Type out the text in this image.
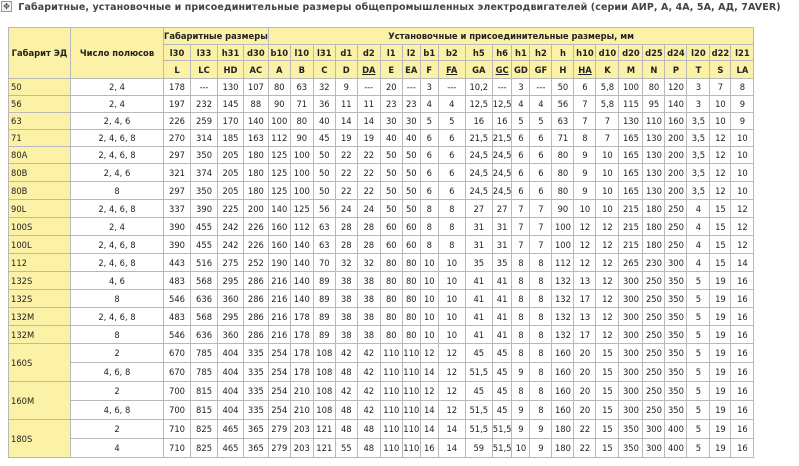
✥ Габаритные, установочные и присоединительные размеры общепромышленных электродвигателей (серии АИР, А, 4А, 5А, АД, 7AVER)
Габарит ЭД	Число полюсов	Габаритные размеры				Установочные и присоединительные размеры, мм																					
		l30	l33	h31	d30	b10	l10	l31	d1	d2	l1	l2	b1	b2	h5	h6	h1	h2	h	h10	d10	d20	d25	d24	l20	d22	l21
		L	LC	HD	AC	A	B	C	D	DA	E	EA	F	FA	GA	GC	GD	GF	H	HA	K	M	N	P	T	S	LA
50	2, 4	178	---	130	107	80	63	32	9	---	20	---	3	---	10,2	---	3	---	50	6	5,8	100	80	120	3	7	8
56	2, 4	197	232	145	88	90	71	36	11	11	23	23	4	4	12,5	12,5	4	4	56	7	5,8	115	95	140	3	10	9
63	2, 4, 6	226	259	170	140	100	80	40	14	14	30	30	5	5	16	16	5	5	63	7	7	130	110	160	3,5	10	9
71	2, 4, 6, 8	270	314	185	163	112	90	45	19	19	40	40	6	6	21,5	21,5	6	6	71	8	7	165	130	200	3,5	12	10
80A	2, 4, 6, 8	297	350	205	180	125	100	50	22	22	50	50	6	6	24,5	24,5	6	6	80	9	10	165	130	200	3,5	12	10
80B	2, 4, 6	321	374	205	180	125	100	50	22	22	50	50	6	6	24,5	24,5	6	6	80	9	10	165	130	200	3,5	12	10
80B	8	297	350	205	180	125	100	50	22	22	50	50	6	6	24,5	24,5	6	6	80	9	10	165	130	200	3,5	12	10
90L	2, 4, 6, 8	337	390	225	200	140	125	56	24	24	50	50	8	8	27	27	7	7	90	10	10	215	180	250	4	15	12
100S	2, 4	390	455	242	226	160	112	63	28	28	60	60	8	8	31	31	7	7	100	12	12	215	180	250	4	15	12
100L	2, 4, 6, 8	390	455	242	226	160	140	63	28	28	60	60	8	8	31	31	7	7	100	12	12	215	180	250	4	15	12
112	2, 4, 6, 8	443	516	275	252	190	140	70	32	32	80	80	10	10	35	35	8	8	112	12	12	265	230	300	4	15	14
132S	4, 6	483	568	295	286	216	140	89	38	38	80	80	10	10	41	41	8	8	132	13	12	300	250	350	5	19	16
132S	8	546	636	360	286	216	140	89	38	38	80	80	10	10	41	41	8	8	132	17	12	300	250	350	5	19	16
132M	2, 4, 6, 8	483	568	295	286	216	178	89	38	38	80	80	10	10	41	41	8	8	132	13	12	300	250	350	5	19	16
132M	8	546	636	360	286	216	178	89	38	38	80	80	10	10	41	41	8	8	132	17	12	300	250	350	5	19	16
160S	2	670	785	404	335	254	178	108	42	42	110	110	12	12	45	45	8	8	160	20	15	300	250	350	5	19	16
	4, 6, 8	670	785	404	335	254	178	108	48	42	110	110	14	12	51,5	45	9	8	160	20	15	300	250	350	5	19	16
160M	2	700	815	404	335	254	210	108	42	42	110	110	12	12	45	45	8	8	160	20	15	300	250	350	5	19	16
	4, 6, 8	700	815	404	335	254	210	108	48	42	110	110	14	12	51,5	45	9	8	160	20	15	300	250	350	5	19	16
180S	2	710	825	465	365	279	203	121	48	48	110	110	14	14	51,5	51,5	9	9	180	22	15	350	300	400	5	19	16
	4	710	825	465	365	279	203	121	55	48	110	110	16	14	59	51,5	10	9	180	22	15	350	300	400	5	19	16
